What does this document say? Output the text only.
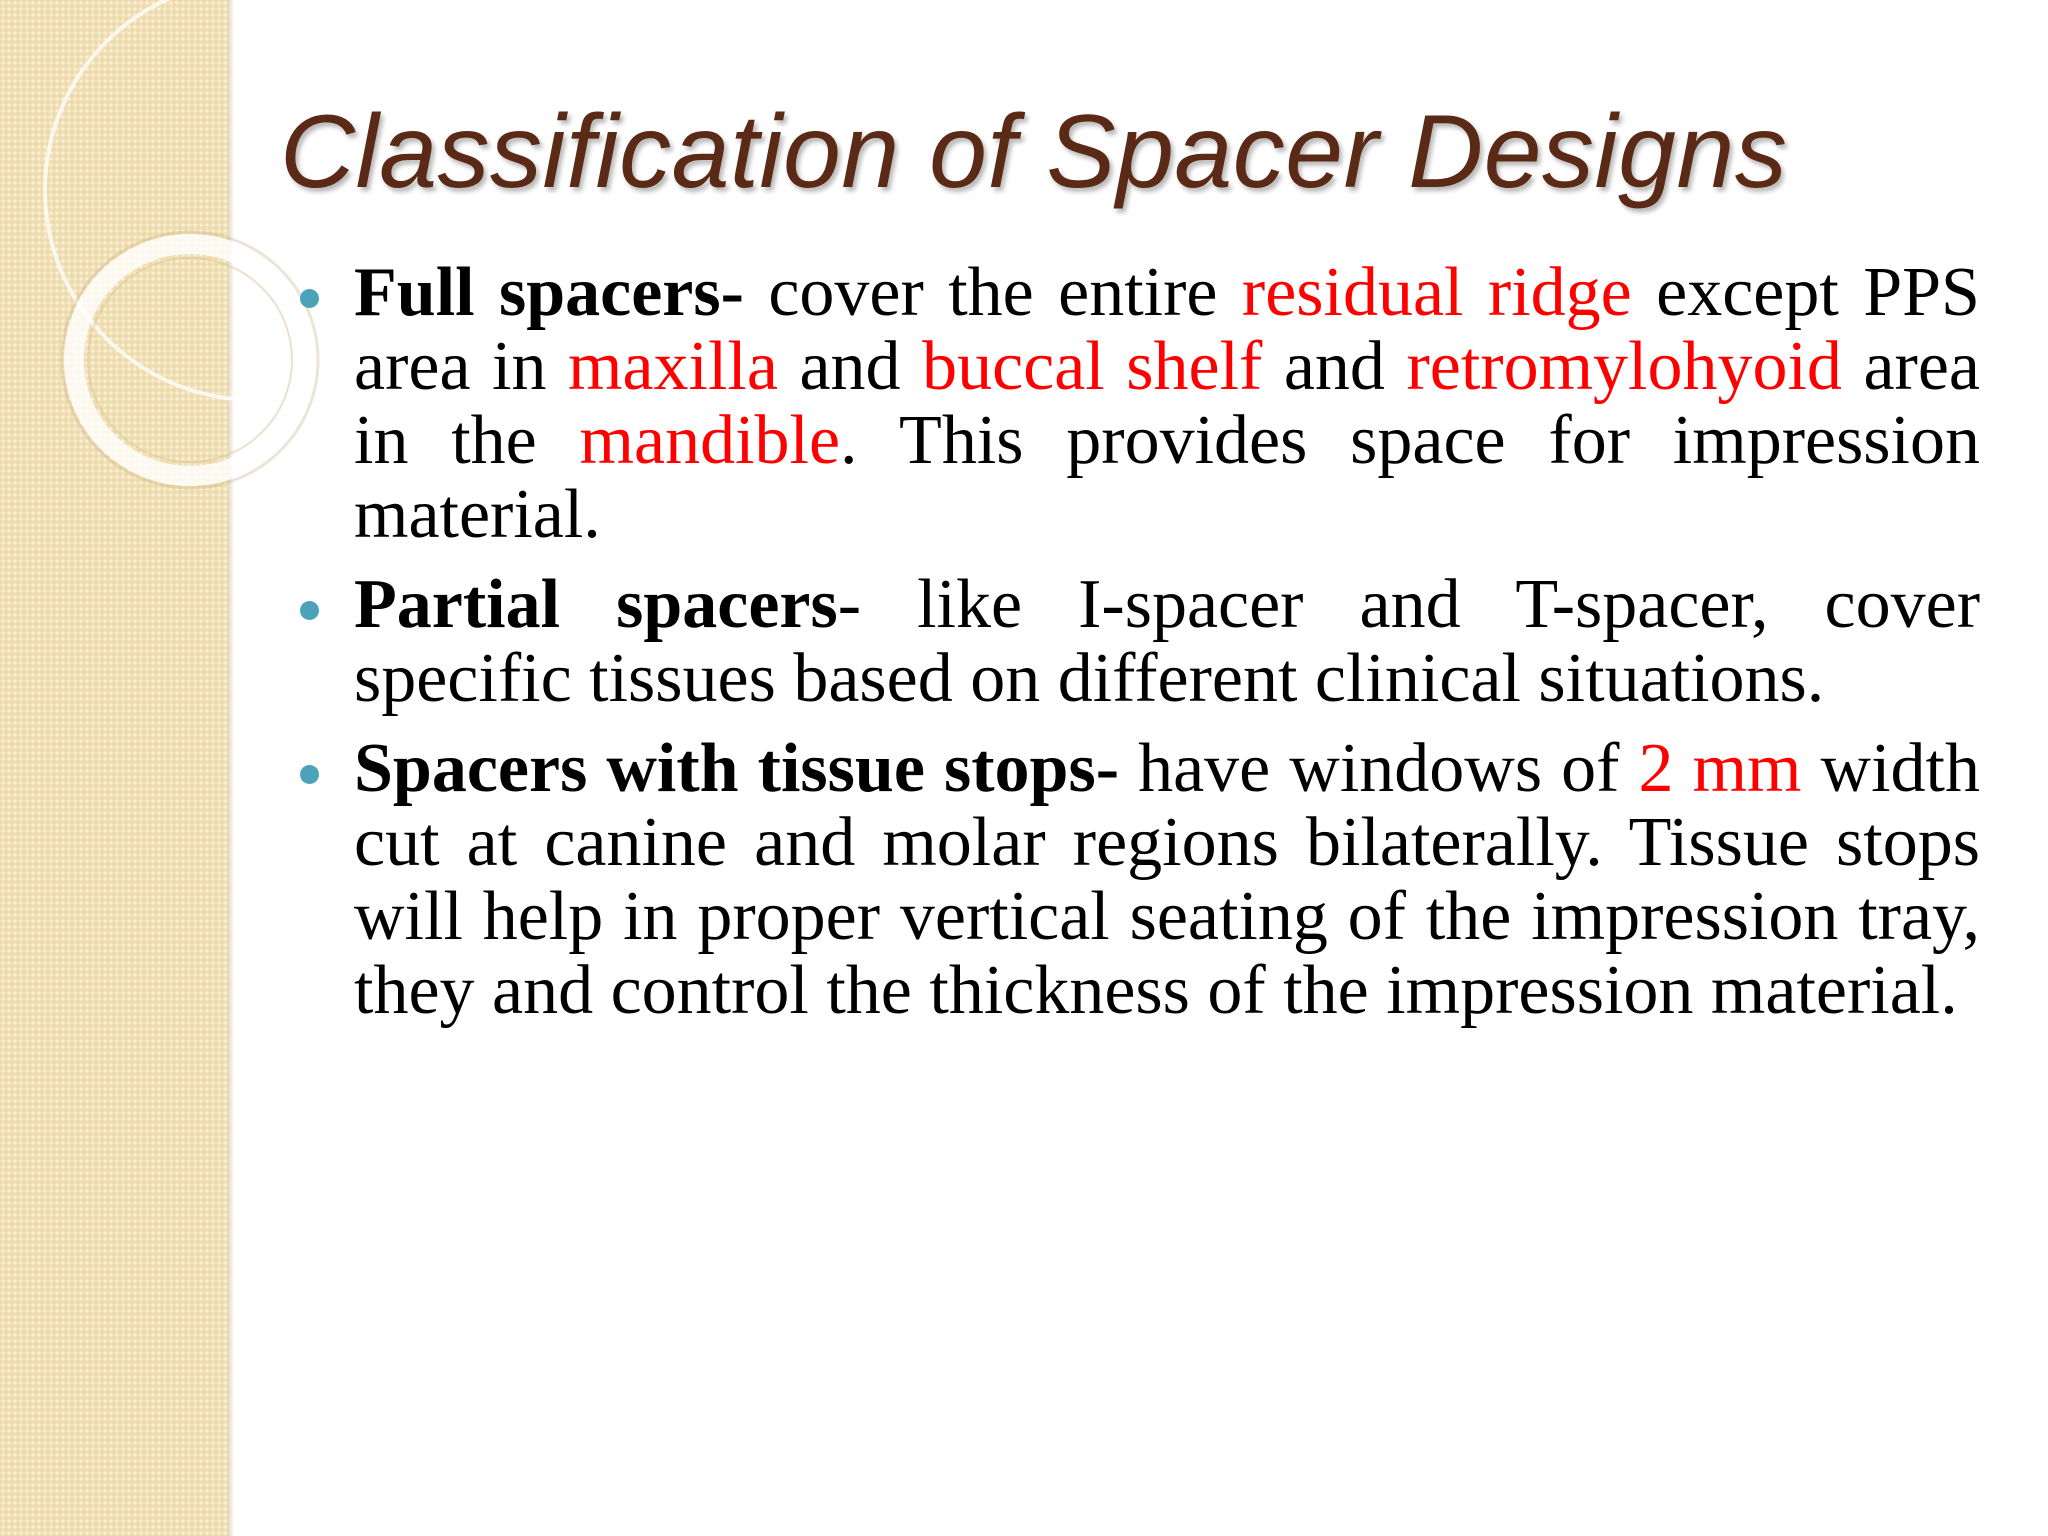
Classification of Spacer Designs
Full spacers- cover the entire residual ridge except PPS area in maxilla and buccal shelf and retromylohyoid area in the mandible. This provides space for impression material.
Partial spacers- like I-spacer and T-spacer, cover specific tissues based on different clinical situations.
Spacers with tissue stops- have windows of 2 mm width cut at canine and molar regions bilaterally. Tissue stops will help in proper vertical seating of the impression tray, they and control the thickness of the impression material.
